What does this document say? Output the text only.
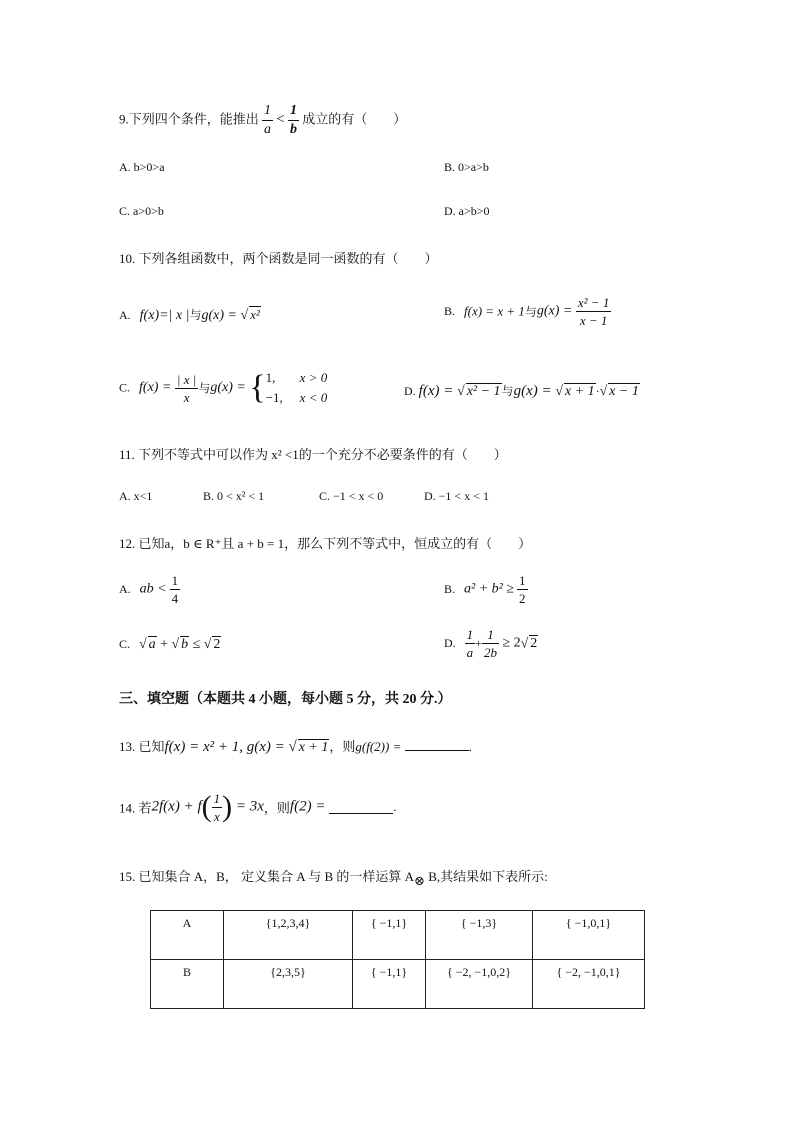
9.下列四个条件，能推出 $\frac{1}{a} < \frac{1}{b}$ 成立的有（　　）
A. b>0>a	B. 0>a>b
C. a>0>b	D. a>b>0
10. 下列各组函数中，两个函数是同一函数的有（　　）
A. f(x)=| x |与g(x) = √ x²	B. f(x) = x + 1与$g(x) = \frac{\text{x² − 1}}{x - 1}$
C. $f(x) = \frac{| x |}{x}$ 与g(x) = { 1, x > 0
−1, x < 0	D. f(x) = √ x² − 1与g(x) = √ x + 1·√ x − 1
11. 下列不等式中可以作为 x² <1的一个充分不必要条件的有（　　）
A. x<1	B. 0 < x² < 1	C. −1 < x < 0	D. −1 < x < 1
12. 已知a，b ∈ R⁺且 a + b = 1，那么下列不等式中，恒成立的有（　　）
A. ab < $\frac{1}{4}$	B. $a^2 + b^2 \ge \frac{1}{2}$
C. √ a + √ b ≤ √ 2	D. $\frac{1}{a} + \frac{1}{2b} \ge 2√$ 2
三、填空题（本题共 4 小题，每小题 5 分，共 20 分.）
13. 已知f(x) = x² + 1, g(x) = √ x + 1，则g(f(2)) =	.
14. 若$2f(x) + f( \frac{1}{x}$ ) = 3x，则f(2) =	.
15. 已知集合 A，B， 定义集合 A 与 B 的一样运算 A⊗ B,其结果如下表所示:
A	{1,2,3,4}	{ −1,1}	{ −1,3}	{ −1,0,1}
B	{2,3,5}	{ −1,1}	{ −2, −1,0,2}	{ −2, −1,0,1}
